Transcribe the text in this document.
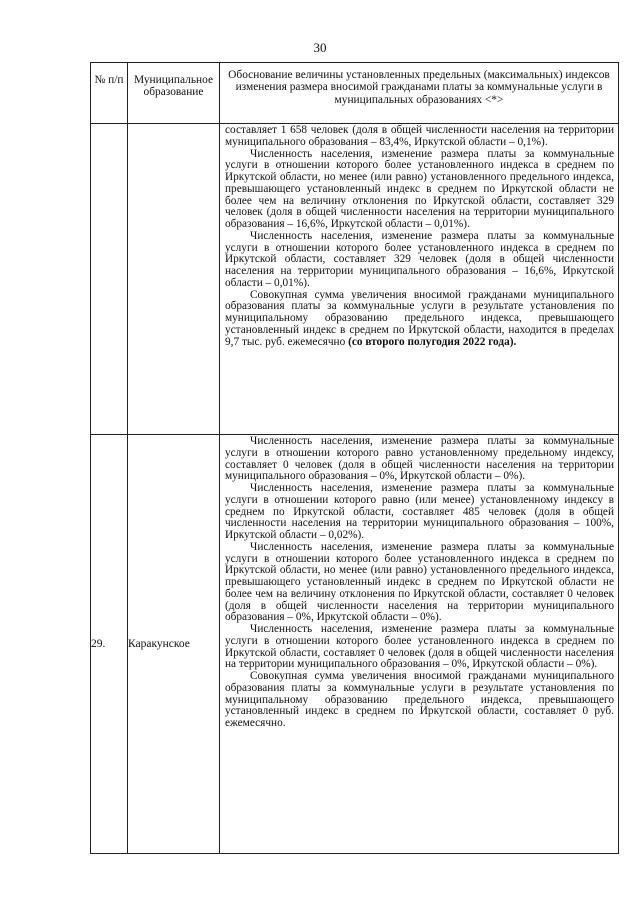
30
№ п/п	Муниципальное образование	Обоснование величины установленных предельных (максимальных) индексов изменения размера вносимой гражданами платы за коммунальные услуги в муниципальных образованиях <*>

		составляет 1 658 человек (доля в общей численности населения на территории муниципального образования – 83,4%, Иркутской области – 0,1%).

Численность населения, изменение размера платы за коммунальные услуги в отношении которого более установленного индекса в среднем по Иркутской области, но менее (или равно) установленного предельного индекса, превышающего установленный индекс в среднем по Иркутской области не более чем на величину отклонения по Иркутской области, составляет 329 человек (доля в общей численности населения на территории муниципального образования – 16,6%, Иркутской области – 0,01%).

Численность населения, изменение размера платы за коммунальные услуги в отношении которого более установленного индекса в среднем по Иркутской области, составляет 329 человек (доля в общей численности населения на территории муниципального образования – 16,6%, Иркутской области – 0,01%).

Совокупная сумма увеличения вносимой гражданами муниципального образования платы за коммунальные услуги в результате установления по муниципальному образованию предельного индекса, превышающего установленный индекс в среднем по Иркутской области, находится в пределах 9,7 тыс. руб. ежемесячно (со второго полугодия 2022 года).

29.	Каракунское	Численность населения, изменение размера платы за коммунальные услуги в отношении которого равно установленному предельному индексу, составляет 0 человек (доля в общей численности населения на территории муниципального образования – 0%, Иркутской области – 0%).

Численность населения, изменение размера платы за коммунальные услуги в отношении которого равно (или менее) установленному индексу в среднем по Иркутской области, составляет 485 человек (доля в общей численности населения на территории муниципального образования – 100%, Иркутской области – 0,02%).

Численность населения, изменение размера платы за коммунальные услуги в отношении которого более установленного индекса в среднем по Иркутской области, но менее (или равно) установленного предельного индекса, превышающего установленный индекс в среднем по Иркутской области не более чем на величину отклонения по Иркутской области, составляет 0 человек (доля в общей численности населения на территории муниципального образования – 0%, Иркутской области – 0%).

Численность населения, изменение размера платы за коммунальные услуги в отношении которого более установленного индекса в среднем по Иркутской области, составляет 0 человек (доля в общей численности населения на территории муниципального образования – 0%, Иркутской области – 0%).

Совокупная сумма увеличения вносимой гражданами муниципального образования платы за коммунальные услуги в результате установления по муниципальному образованию предельного индекса, превышающего установленный индекс в среднем по Иркутской области, составляет 0 руб. ежемесячно.
